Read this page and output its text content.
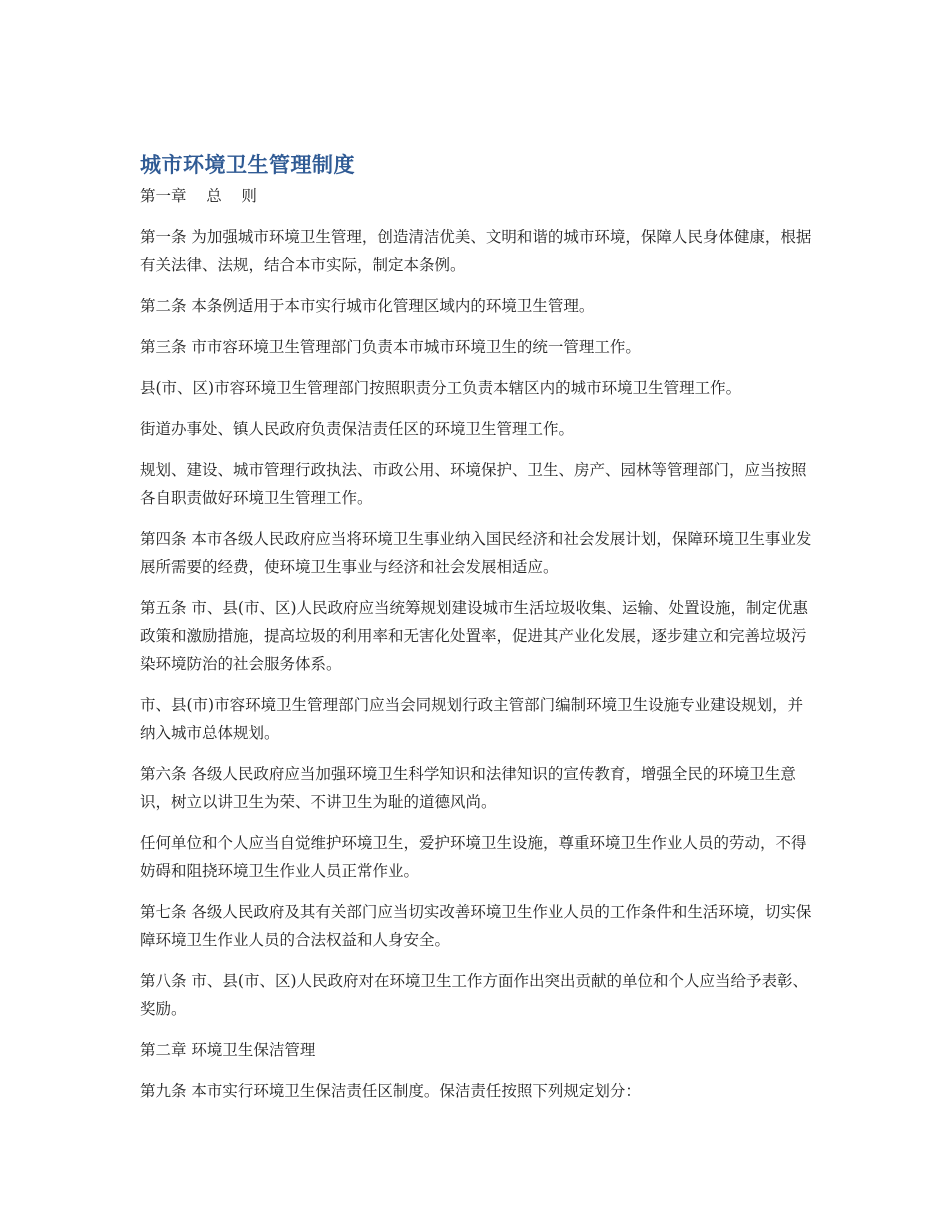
城市环境卫生管理制度

第一章    总    则

第一条 为加强城市环境卫生管理，创造清洁优美、文明和谐的城市环境，保障人民身体健康，根据有关法律、法规，结合本市实际，制定本条例。

第二条 本条例适用于本市实行城市化管理区域内的环境卫生管理。

第三条 市市容环境卫生管理部门负责本市城市环境卫生的统一管理工作。

县(市、区)市容环境卫生管理部门按照职责分工负责本辖区内的城市环境卫生管理工作。

街道办事处、镇人民政府负责保洁责任区的环境卫生管理工作。

规划、建设、城市管理行政执法、市政公用、环境保护、卫生、房产、园林等管理部门，应当按照各自职责做好环境卫生管理工作。

第四条 本市各级人民政府应当将环境卫生事业纳入国民经济和社会发展计划，保障环境卫生事业发展所需要的经费，使环境卫生事业与经济和社会发展相适应。

第五条 市、县(市、区)人民政府应当统筹规划建设城市生活垃圾收集、运输、处置设施，制定优惠政策和激励措施，提高垃圾的利用率和无害化处置率，促进其产业化发展，逐步建立和完善垃圾污染环境防治的社会服务体系。

市、县(市)市容环境卫生管理部门应当会同规划行政主管部门编制环境卫生设施专业建设规划，并纳入城市总体规划。

第六条 各级人民政府应当加强环境卫生科学知识和法律知识的宣传教育，增强全民的环境卫生意识，树立以讲卫生为荣、不讲卫生为耻的道德风尚。

任何单位和个人应当自觉维护环境卫生，爱护环境卫生设施，尊重环境卫生作业人员的劳动，不得妨碍和阻挠环境卫生作业人员正常作业。

第七条 各级人民政府及其有关部门应当切实改善环境卫生作业人员的工作条件和生活环境，切实保障环境卫生作业人员的合法权益和人身安全。

第八条 市、县(市、区)人民政府对在环境卫生工作方面作出突出贡献的单位和个人应当给予表彰、奖励。

第二章 环境卫生保洁管理

第九条 本市实行环境卫生保洁责任区制度。保洁责任按照下列规定划分：
